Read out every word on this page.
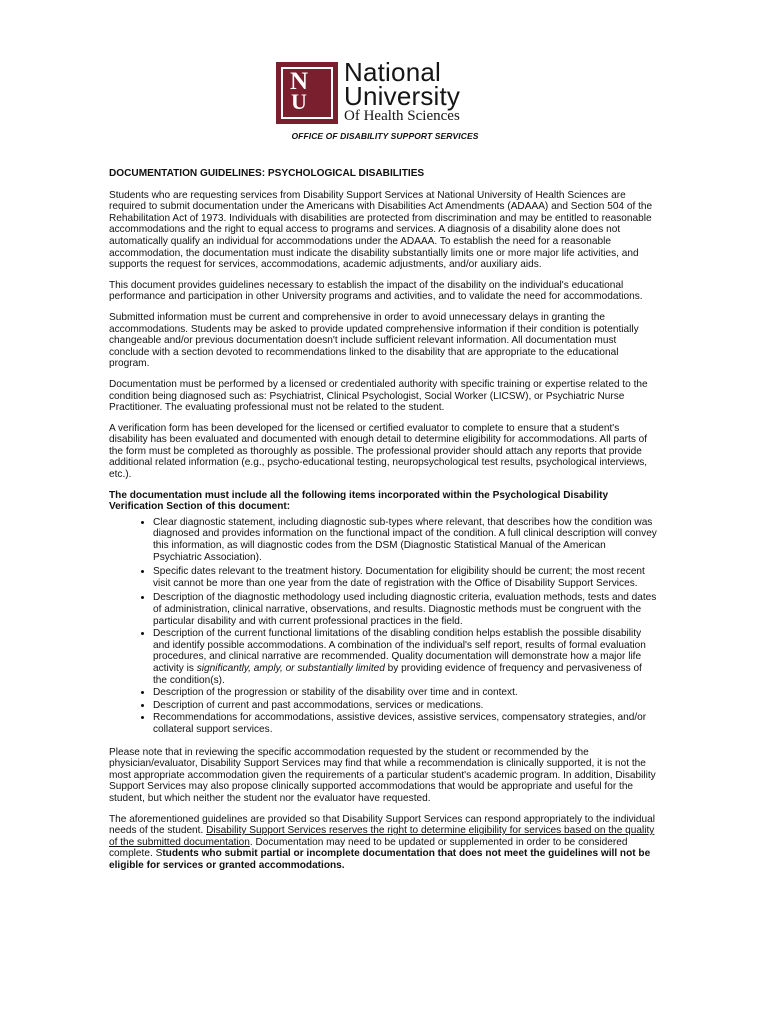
N
U
National
University
Of Health Sciences
OFFICE OF DISABILITY SUPPORT SERVICES
DOCUMENTATION GUIDELINES: PSYCHOLOGICAL DISABILITIES

Students who are requesting services from Disability Support Services at National University of Health Sciences are required to submit documentation under the Americans with Disabilities Act Amendments (ADAAA) and Section 504 of the Rehabilitation Act of 1973. Individuals with disabilities are protected from discrimination and may be entitled to reasonable accommodations and the right to equal access to programs and services. A diagnosis of a disability alone does not automatically qualify an individual for accommodations under the ADAAA. To establish the need for a reasonable accommodation, the documentation must indicate the disability substantially limits one or more major life activities, and supports the request for services, accommodations, academic adjustments, and/or auxiliary aids.

This document provides guidelines necessary to establish the impact of the disability on the individual's educational performance and participation in other University programs and activities, and to validate the need for accommodations.

Submitted information must be current and comprehensive in order to avoid unnecessary delays in granting the accommodations. Students may be asked to provide updated comprehensive information if their condition is potentially changeable and/or previous documentation doesn't include sufficient relevant information. All documentation must conclude with a section devoted to recommendations linked to the disability that are appropriate to the educational program.

Documentation must be performed by a licensed or credentialed authority with specific training or expertise related to the condition being diagnosed such as: Psychiatrist, Clinical Psychologist, Social Worker (LICSW), or Psychiatric Nurse Practitioner. The evaluating professional must not be related to the student.

A verification form has been developed for the licensed or certified evaluator to complete to ensure that a student's disability has been evaluated and documented with enough detail to determine eligibility for accommodations. All parts of the form must be completed as thoroughly as possible. The professional provider should attach any reports that provide additional related information (e.g., psycho-educational testing, neuropsychological test results, psychological interviews, etc.).

The documentation must include all the following items incorporated within the Psychological Disability Verification Section of this document:
• Clear diagnostic statement, including diagnostic sub-types where relevant, that describes how the condition was diagnosed and provides information on the functional impact of the condition. A full clinical description will convey this information, as will diagnostic codes from the DSM (Diagnostic Statistical Manual of the American Psychiatric Association).
• Specific dates relevant to the treatment history. Documentation for eligibility should be current; the most recent visit cannot be more than one year from the date of registration with the Office of Disability Support Services.
• Description of the diagnostic methodology used including diagnostic criteria, evaluation methods, tests and dates of administration, clinical narrative, observations, and results. Diagnostic methods must be congruent with the particular disability and with current professional practices in the field.
• Description of the current functional limitations of the disabling condition helps establish the possible disability and identify possible accommodations. A combination of the individual's self report, results of formal evaluation procedures, and clinical narrative are recommended. Quality documentation will demonstrate how a major life activity is significantly, amply, or substantially limited by providing evidence of frequency and pervasiveness of the condition(s).
• Description of the progression or stability of the disability over time and in context.
• Description of current and past accommodations, services or medications.
• Recommendations for accommodations, assistive devices, assistive services, compensatory strategies, and/or collateral support services.

Please note that in reviewing the specific accommodation requested by the student or recommended by the physician/evaluator, Disability Support Services may find that while a recommendation is clinically supported, it is not the most appropriate accommodation given the requirements of a particular student's academic program. In addition, Disability Support Services may also propose clinically supported accommodations that would be appropriate and useful for the student, but which neither the student nor the evaluator have requested.

The aforementioned guidelines are provided so that Disability Support Services can respond appropriately to the individual needs of the student. Disability Support Services reserves the right to determine eligibility for services based on the quality of the submitted documentation. Documentation may need to be updated or supplemented in order to be considered complete. Students who submit partial or incomplete documentation that does not meet the guidelines will not be eligible for services or granted accommodations.
